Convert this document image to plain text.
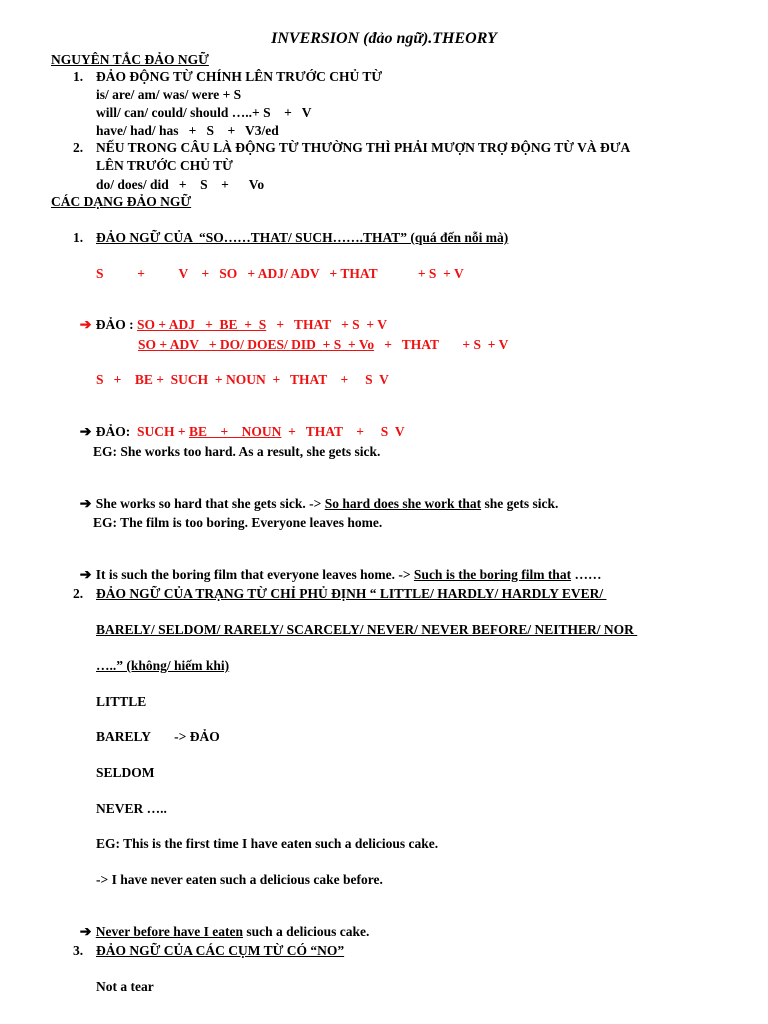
INVERSION (đảo ngữ).THEORY
NGUYÊN TẮC ĐẢO NGỮ
1. ĐẢO ĐỘNG TỪ CHÍNH LÊN TRƯỚC CHỦ TỪ
is/ are/ am/ was/ were + S
will/ can/ could/ should …..+ S    +   V
have/ had/ has   +   S    +   V3/ed
2. NẾU TRONG CÂU LÀ ĐỘNG TỪ THƯỜNG THÌ PHẢI MƯỢN TRỢ ĐỘNG TỪ VÀ ĐƯA
LÊN TRƯỚC CHỦ TỪ
do/ does/ did   +    S    +      Vo
CÁC DẠNG ĐẢO NGỮ
1. ĐẢO NGỮ CỦA  “SO……THAT/ SUCH…….THAT” (quá đến nỗi mà)
S          +          V    +   SO   + ADJ/ ADV   + THAT            + S  + V

➔ ĐẢO : SO + ADJ   +  BE  +  S   +   THAT   + S  + V

SO + ADV   + DO/ DOES/ DID  + S  + Vo   +   THAT       + S  + V
S   +    BE +  SUCH  + NOUN  +   THAT    +     S  V

➔ ĐẢO: SUCH + BE    +    NOUN  +   THAT    +     S  V

EG: She works too hard. As a result, she gets sick.

➔ She works so hard that she gets sick. -> So hard does she work that she gets sick.

EG: The film is too boring. Everyone leaves home.

➔ It is such the boring film that everyone leaves home. -> Such is the boring film that ……

2. ĐẢO NGỮ CỦA TRẠNG TỪ CHỈ PHỦ ĐỊNH “ LITTLE/ HARDLY/ HARDLY EVER/
BARELY/ SELDOM/ RARELY/ SCARCELY/ NEVER/ NEVER BEFORE/ NEITHER/ NOR
…..” (không/ hiếm khi)
LITTLE
BARELY       -> ĐẢO
SELDOM
NEVER …..
EG: This is the first time I have eaten such a delicious cake.
-> I have never eaten such a delicious cake before.

➔ Never before have I eaten such a delicious cake.

3. ĐẢO NGỮ CỦA CÁC CỤM TỪ CÓ “NO”
Not a tear
